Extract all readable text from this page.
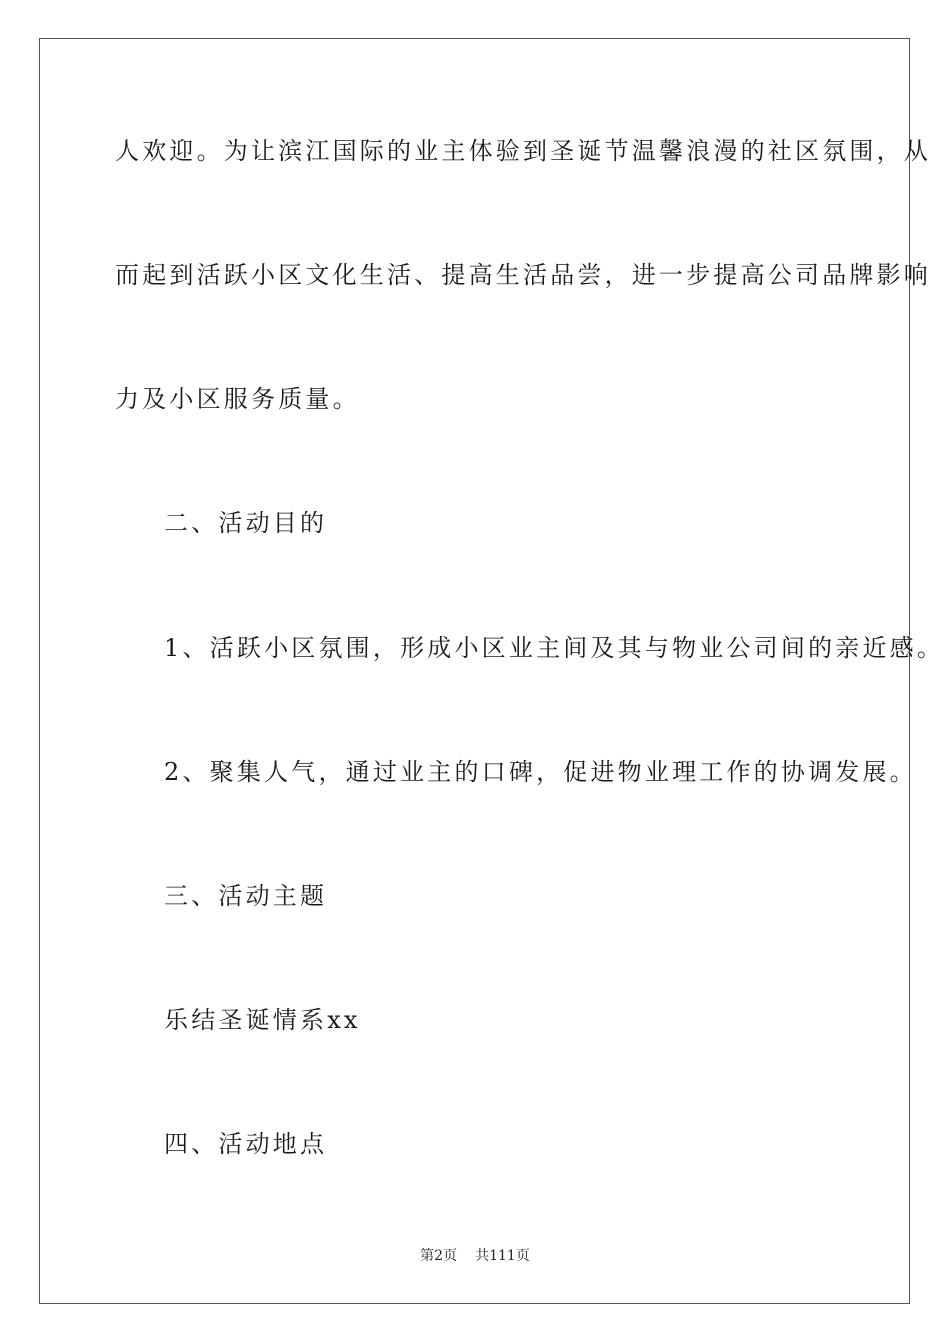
人欢迎。为让滨江国际的业主体验到圣诞节温馨浪漫的社区氛围，从
而起到活跃小区文化生活、提高生活品尝，进一步提高公司品牌影响
力及小区服务质量。
二、活动目的
1、活跃小区氛围，形成小区业主间及其与物业公司间的亲近感。
2、聚集人气，通过业主的口碑，促进物业理工作的协调发展。
三、活动主题
乐结圣诞情系xx
四、活动地点
第2页 共111页
